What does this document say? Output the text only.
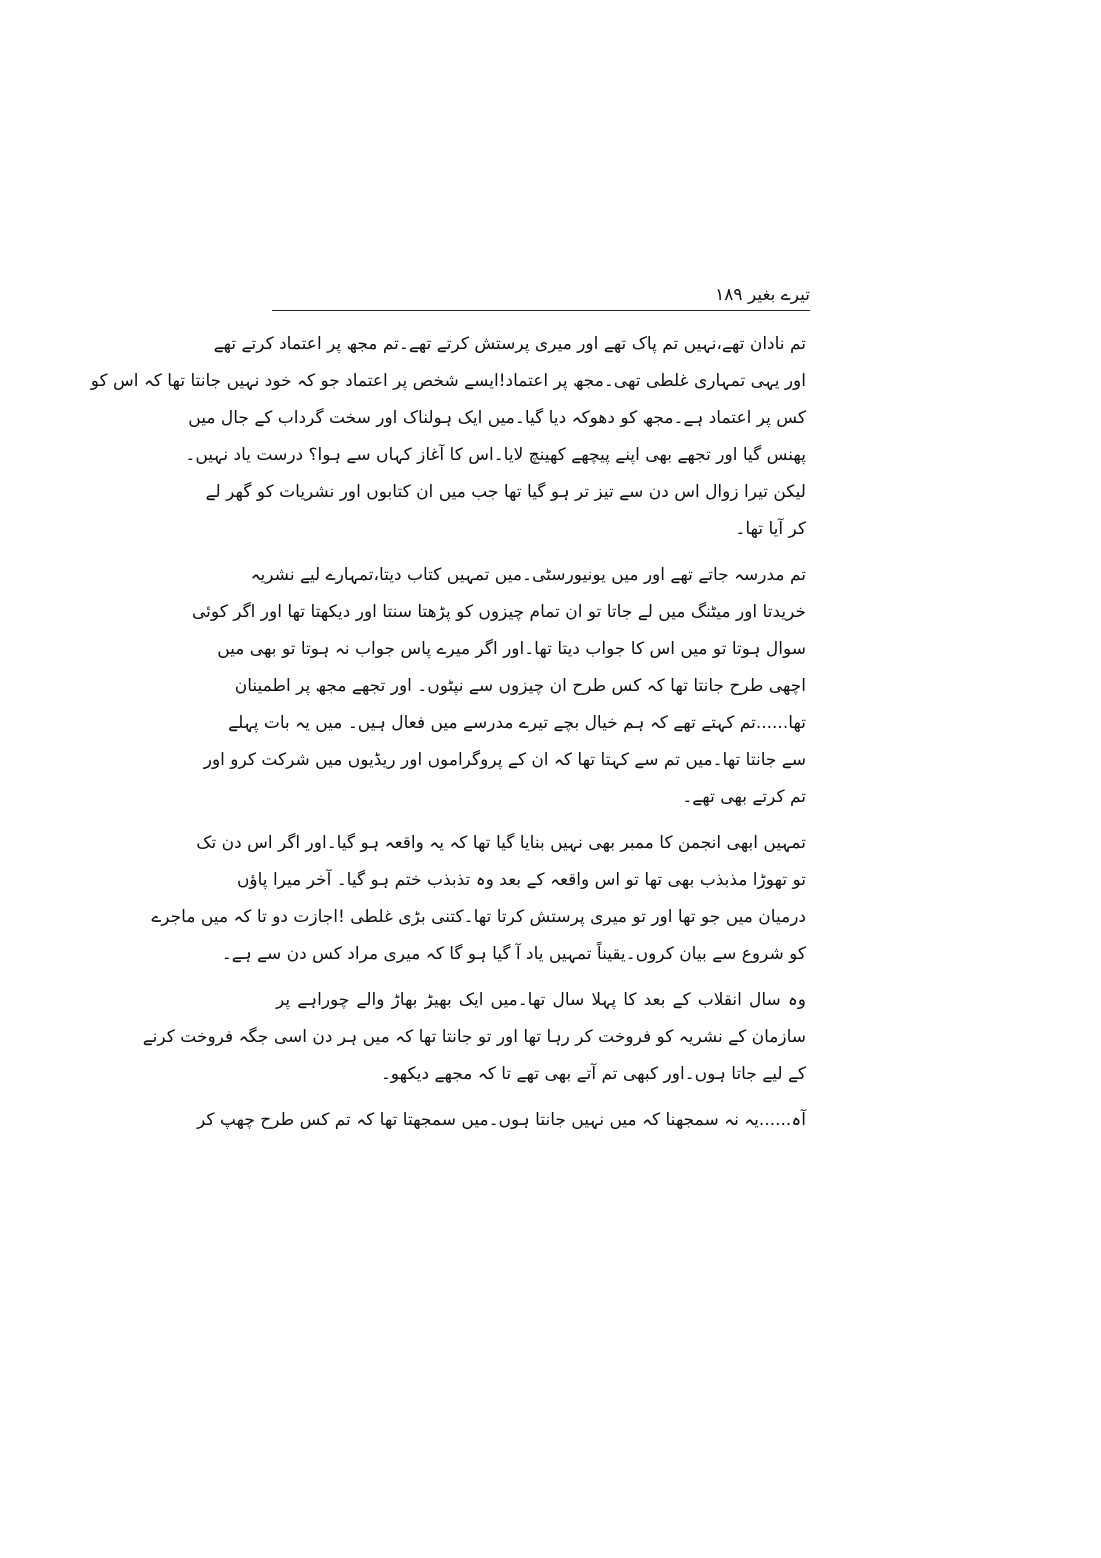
تیرے بغیر ۱۸۹
تم نادان تھے،نہیں تم پاک تھے اور میری پرستش کرتے تھے۔تم مجھ پر اعتماد کرتے تھے
اور یہی تمہاری غلطی تھی۔مجھ پر اعتماد!ایسے شخص پر اعتماد جو کہ خود نہیں جانتا تھا کہ اس کو
کس پر اعتماد ہے۔مجھ کو دھوکہ دیا گیا۔میں ایک ہولناک اور سخت گرداب کے جال میں
پھنس گیا اور تجھے بھی اپنے پیچھے کھینچ لایا۔اس کا آغاز کہاں سے ہوا؟ درست یاد نہیں۔
لیکن تیرا زوال اس دن سے تیز تر ہو گیا تھا جب میں ان کتابوں اور نشریات کو گھر لے
کر آیا تھا۔
تم مدرسہ جاتے تھے اور میں یونیورسٹی۔میں تمہیں کتاب دیتا،تمہارے لیے نشریہ
خریدتا اور میٹنگ میں لے جاتا تو ان تمام چیزوں کو پڑھتا سنتا اور دیکھتا تھا اور اگر کوئی
سوال ہوتا تو میں اس کا جواب دیتا تھا۔اور اگر میرے پاس جواب نہ ہوتا تو بھی میں
اچھی طرح جانتا تھا کہ کس طرح ان چیزوں سے نپٹوں۔ اور تجھے مجھ پر اطمینان
تھا......تم کہتے تھے کہ ہم خیال بچے تیرے مدرسے میں فعال ہیں۔ میں یہ بات پہلے
سے جانتا تھا۔میں تم سے کہتا تھا کہ ان کے پروگراموں اور ریڈیوں میں شرکت کرو اور
تم کرتے بھی تھے۔
تمہیں ابھی انجمن کا ممبر بھی نہیں بنایا گیا تھا کہ یہ واقعہ ہو گیا۔اور اگر اس دن تک
تو تھوڑا مذبذب بھی تھا تو اس واقعہ کے بعد وہ تذبذب ختم ہو گیا۔ آخر میرا پاؤں
درمیان میں جو تھا اور تو میری پرستش کرتا تھا۔کتنی بڑی غلطی !اجازت دو تا کہ میں ماجرے
کو شروع سے بیان کروں۔یقیناً تمہیں یاد آ گیا ہو گا کہ میری مراد کس دن سے ہے۔
وہ سال انقلاب کے بعد کا پہلا سال تھا۔میں ایک بھیڑ بھاڑ والے چوراہے پر
سازمان کے نشریہ کو فروخت کر رہا تھا اور تو جانتا تھا کہ میں ہر دن اسی جگہ فروخت کرنے
کے لیے جاتا ہوں۔اور کبھی تم آتے بھی تھے تا کہ مجھے دیکھو۔
آہ......یہ نہ سمجھنا کہ میں نہیں جانتا ہوں۔میں سمجھتا تھا کہ تم کس طرح چھپ کر
